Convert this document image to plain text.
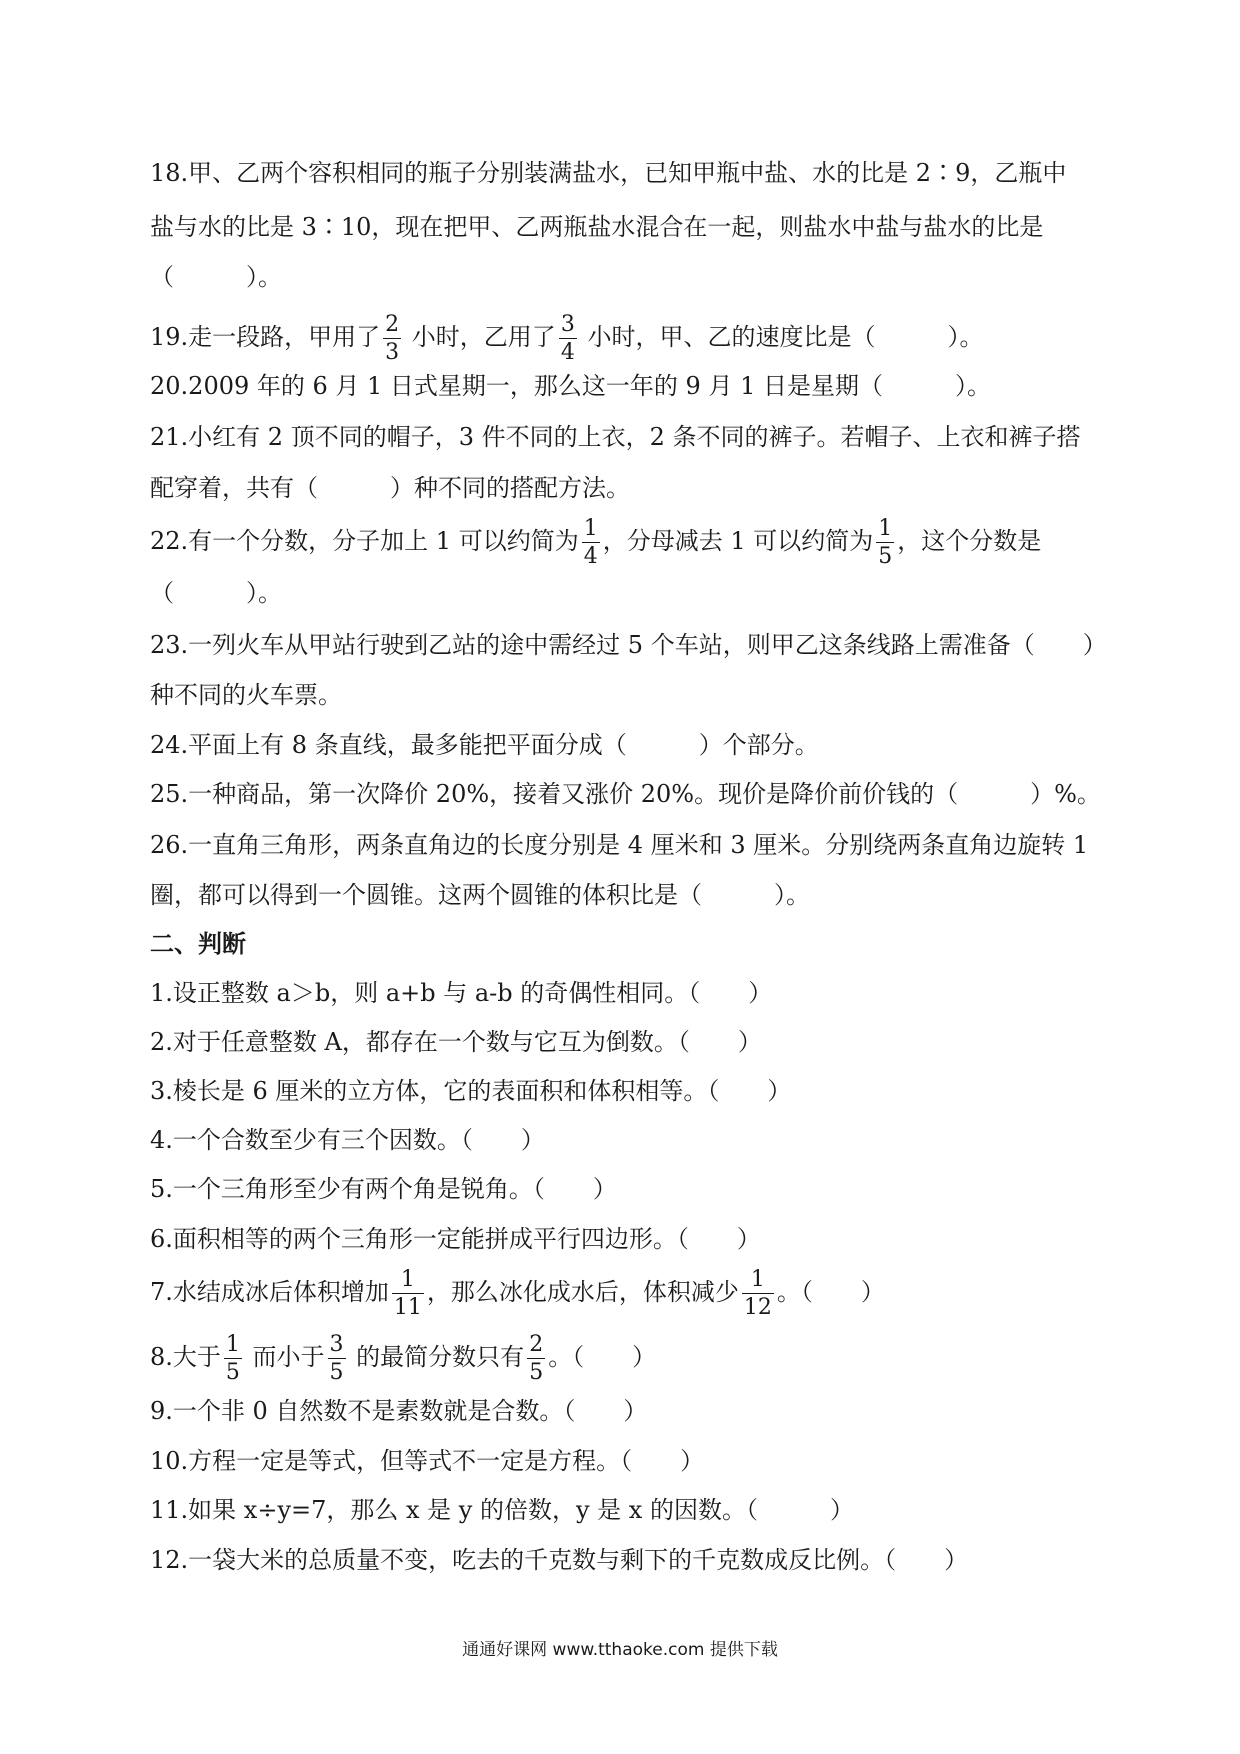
18.甲、乙两个容积相同的瓶子分别装满盐水，已知甲瓶中盐、水的比是 2∶9，乙瓶中
盐与水的比是 3∶10，现在把甲、乙两瓶盐水混合在一起，则盐水中盐与盐水的比是
（　　　）。
19.走一段路，甲用了 $\frac{2}{3}$ 小时，乙用了 $\frac{3}{4}$ 小时，甲、乙的速度比是（　　　）。
20.2009 年的 6 月 1 日式星期一，那么这一年的 9 月 1 日是星期（　　　）。
21.小红有 2 顶不同的帽子，3 件不同的上衣，2 条不同的裤子。若帽子、上衣和裤子搭
配穿着，共有（　　　）种不同的搭配方法。
22.有一个分数，分子加上 1 可以约简为 $\frac{1}{4}$ ，分母减去 1 可以约简为 $\frac{1}{5}$ ，这个分数是
（　　　）。
23.一列火车从甲站行驶到乙站的途中需经过 5 个车站，则甲乙这条线路上需准备（　　）
种不同的火车票。
24.平面上有 8 条直线，最多能把平面分成（　　　）个部分。
25.一种商品，第一次降价 20%，接着又涨价 20%。现价是降价前价钱的（　　　）%。
26.一直角三角形，两条直角边的长度分别是 4 厘米和 3 厘米。分别绕两条直角边旋转 1
圈，都可以得到一个圆锥。这两个圆锥的体积比是（　　　）。
二、判断
1.设正整数 a＞b，则 a+b 与 a-b 的奇偶性相同。（　　）
2.对于任意整数 A，都存在一个数与它互为倒数。（　　）
3.棱长是 6 厘米的立方体，它的表面积和体积相等。（　　）
4.一个合数至少有三个因数。（　　）
5.一个三角形至少有两个角是锐角。（　　）
6.面积相等的两个三角形一定能拼成平行四边形。（　　）
7.水结成冰后体积增加 $\frac{1}{11}$ ，那么冰化成水后，体积减少 $\frac{1}{12}$ 。（　　）
8.大于 $\frac{1}{5}$ 而小于 $\frac{3}{5}$ 的最简分数只有 $\frac{2}{5}$ 。（　　）
9.一个非 0 自然数不是素数就是合数。（　　）
10.方程一定是等式，但等式不一定是方程。（　　）
11.如果 x÷y=7，那么 x 是 y 的倍数，y 是 x 的因数。（　　　）
12.一袋大米的总质量不变，吃去的千克数与剩下的千克数成反比例。（　　）
通通好课网 www.tthaoke.com 提供下载
